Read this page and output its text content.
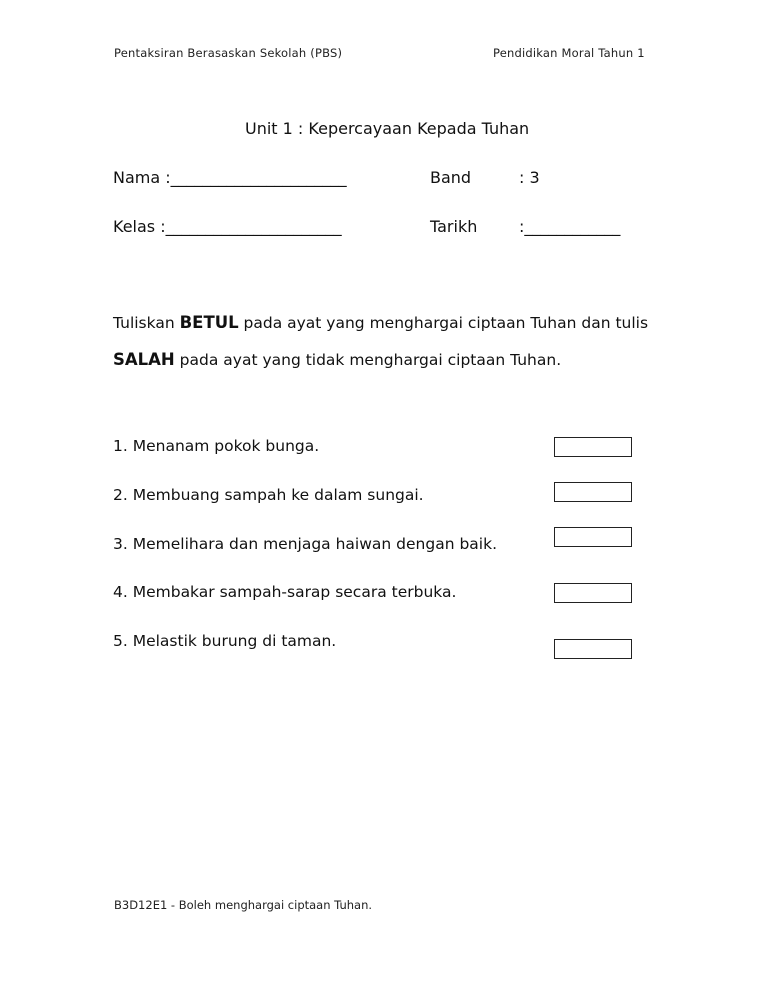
Pentaksiran Berasaskan Sekolah (PBS)	Pendidikan Moral Tahun 1
Unit 1 : Kepercayaan Kepada Tuhan
Nama :______________________	Band	: 3
Kelas :______________________	Tarikh	:____________
Tuliskan BETUL pada ayat yang menghargai ciptaan Tuhan dan tulis
SALAH pada ayat yang tidak menghargai ciptaan Tuhan.
1. Menanam pokok bunga.
2. Membuang sampah ke dalam sungai.
3. Memelihara dan menjaga haiwan dengan baik.
4. Membakar sampah-sarap secara terbuka.
5. Melastik burung di taman.
B3D12E1 - Boleh menghargai ciptaan Tuhan.
